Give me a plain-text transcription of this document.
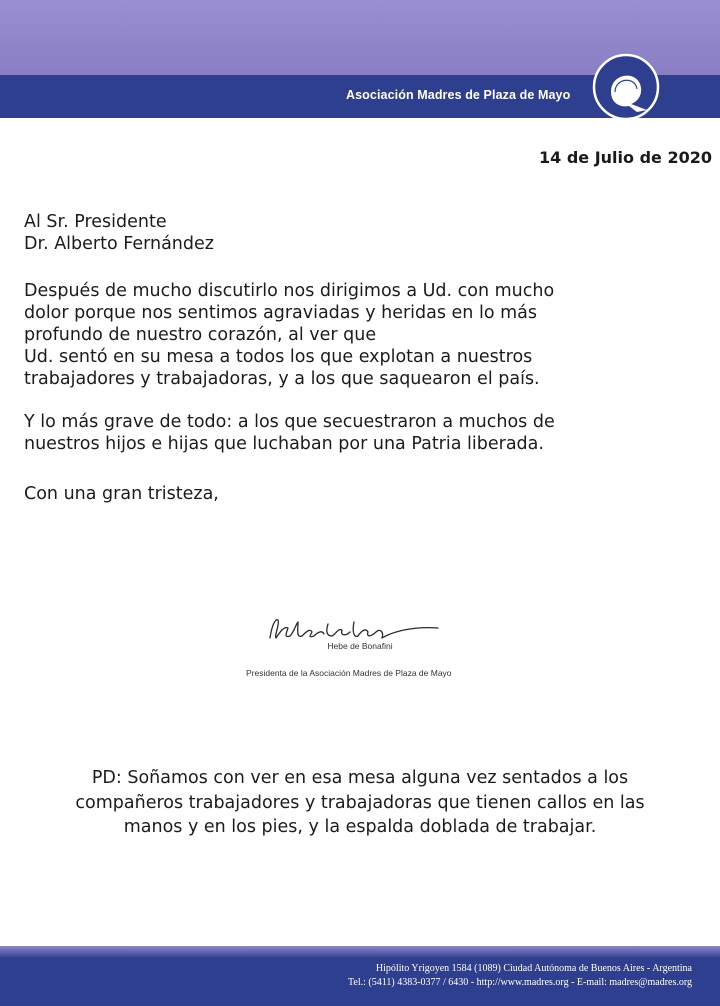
Asociación Madres de Plaza de Mayo
14 de Julio de 2020
Al Sr. Presidente
Dr. Alberto Fernández

Después de mucho discutirlo nos dirigimos a Ud. con mucho
dolor porque nos sentimos agraviadas y heridas en lo más
profundo de nuestro corazón, al ver que
Ud. sentó en su mesa a todos los que explotan a nuestros
trabajadores y trabajadoras, y a los que saquearon el país.

Y lo más grave de todo: a los que secuestraron a muchos de
nuestros hijos e hijas que luchaban por una Patria liberada.

Con una gran tristeza,
Hebe de Bonafini
Presidenta de la Asociación Madres de Plaza de Mayo
PD: Soñamos con ver en esa mesa alguna vez sentados a los
compañeros trabajadores y trabajadoras que tienen callos en las
manos y en los pies, y la espalda doblada de trabajar.
Hipólito Yrigoyen 1584 (1089) Ciudad Autónoma de Buenos Aires - Argentina
Tel.: (5411) 4383-0377 / 6430 - http://www.madres.org - E-mail: madres@madres.org
